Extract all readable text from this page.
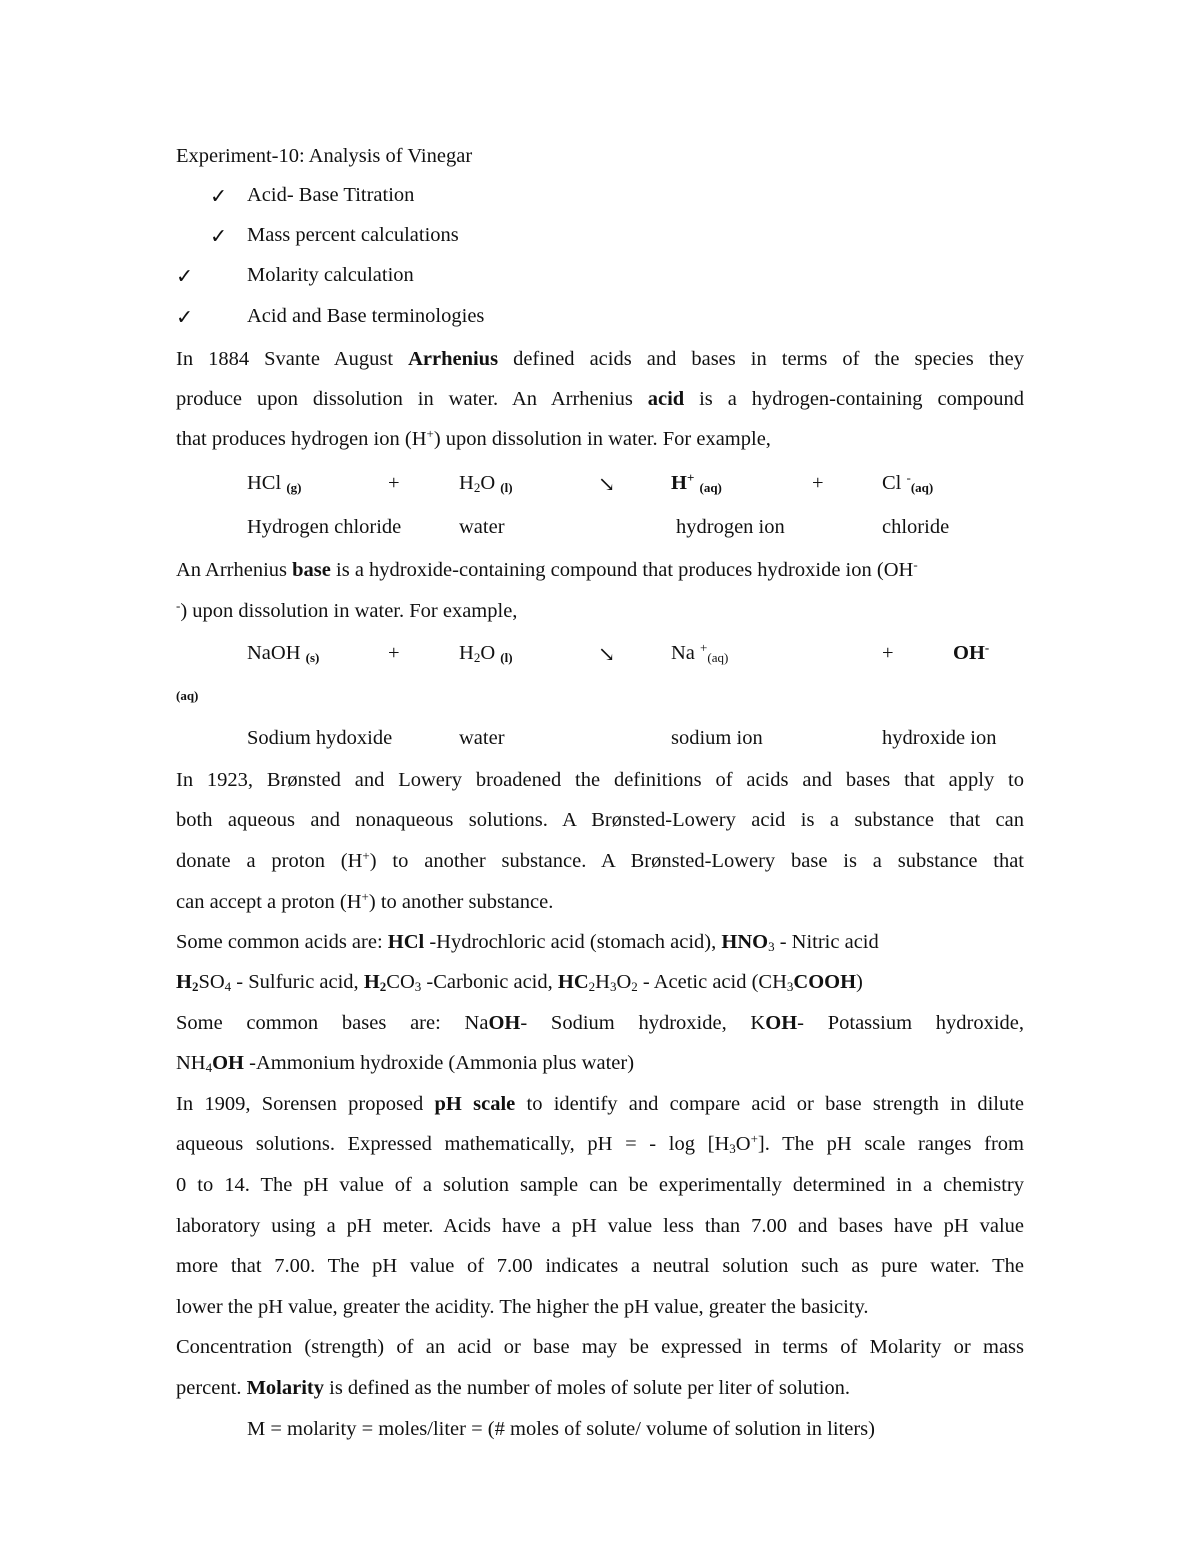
Experiment-10: Analysis of Vinegar
✓ Acid- Base Titration
✓ Mass percent calculations
✓	Molarity calculation
✓	Acid and Base terminologies
In 1884 Svante August Arrhenius defined acids and bases in terms of the species they
produce upon dissolution in water. An Arrhenius acid is a hydrogen-containing compound
that produces hydrogen ion (H+) upon dissolution in water. For example,
HCl $_{(g)}$	+	$H_2O$ $_{(l)}$	↘	H+ $_{(aq)}$	+	Cl -$_{(aq)}$
Hydrogen chloride	water	hydrogen ion	chloride
An Arrhenius base is a hydroxide-containing compound that produces hydroxide ion (OH-
-) upon dissolution in water. For example,
NaOH $_{(s)}$	+	$H_2O$ $_{(l)}$	↘	Na +$_{(aq)}$	+	OH-
(aq)
Sodium hydoxide	water	sodium ion	hydroxide ion
In 1923, Brønsted and Lowery broadened the definitions of acids and bases that apply to
both aqueous and nonaqueous solutions. A Brønsted-Lowery acid is a substance that can
donate a proton (H+) to another substance. A Brønsted-Lowery base is a substance that
can accept a proton (H+) to another substance.
Some common acids are: HCl -Hydrochloric acid (stomach acid), $HNO_3$ - Nitric acid
$H_2SO_4$ - Sulfuric acid, $H_2CO_3$ -Carbonic acid, $HC_2H_3O_2$ - Acetic acid $(CH_3COOH)$
Some common bases are: NaOH- Sodium hydroxide, KOH- Potassium hydroxide,
$NH_4OH$ -Ammonium hydroxide (Ammonia plus water)
In 1909, Sorensen proposed pH scale to identify and compare acid or base strength in dilute
aqueous solutions. Expressed mathematically, pH = - $\log [H_3O^+]$. The pH scale ranges from
0 to 14. The pH value of a solution sample can be experimentally determined in a chemistry
laboratory using a pH meter. Acids have a pH value less than 7.00 and bases have pH value
more that 7.00. The pH value of 7.00 indicates a neutral solution such as pure water. The
lower the pH value, greater the acidity. The higher the pH value, greater the basicity.
Concentration (strength) of an acid or base may be expressed in terms of Molarity or mass
percent. Molarity is defined as the number of moles of solute per liter of solution.
M = molarity = moles/liter = (# moles of solute/ volume of solution in liters)
